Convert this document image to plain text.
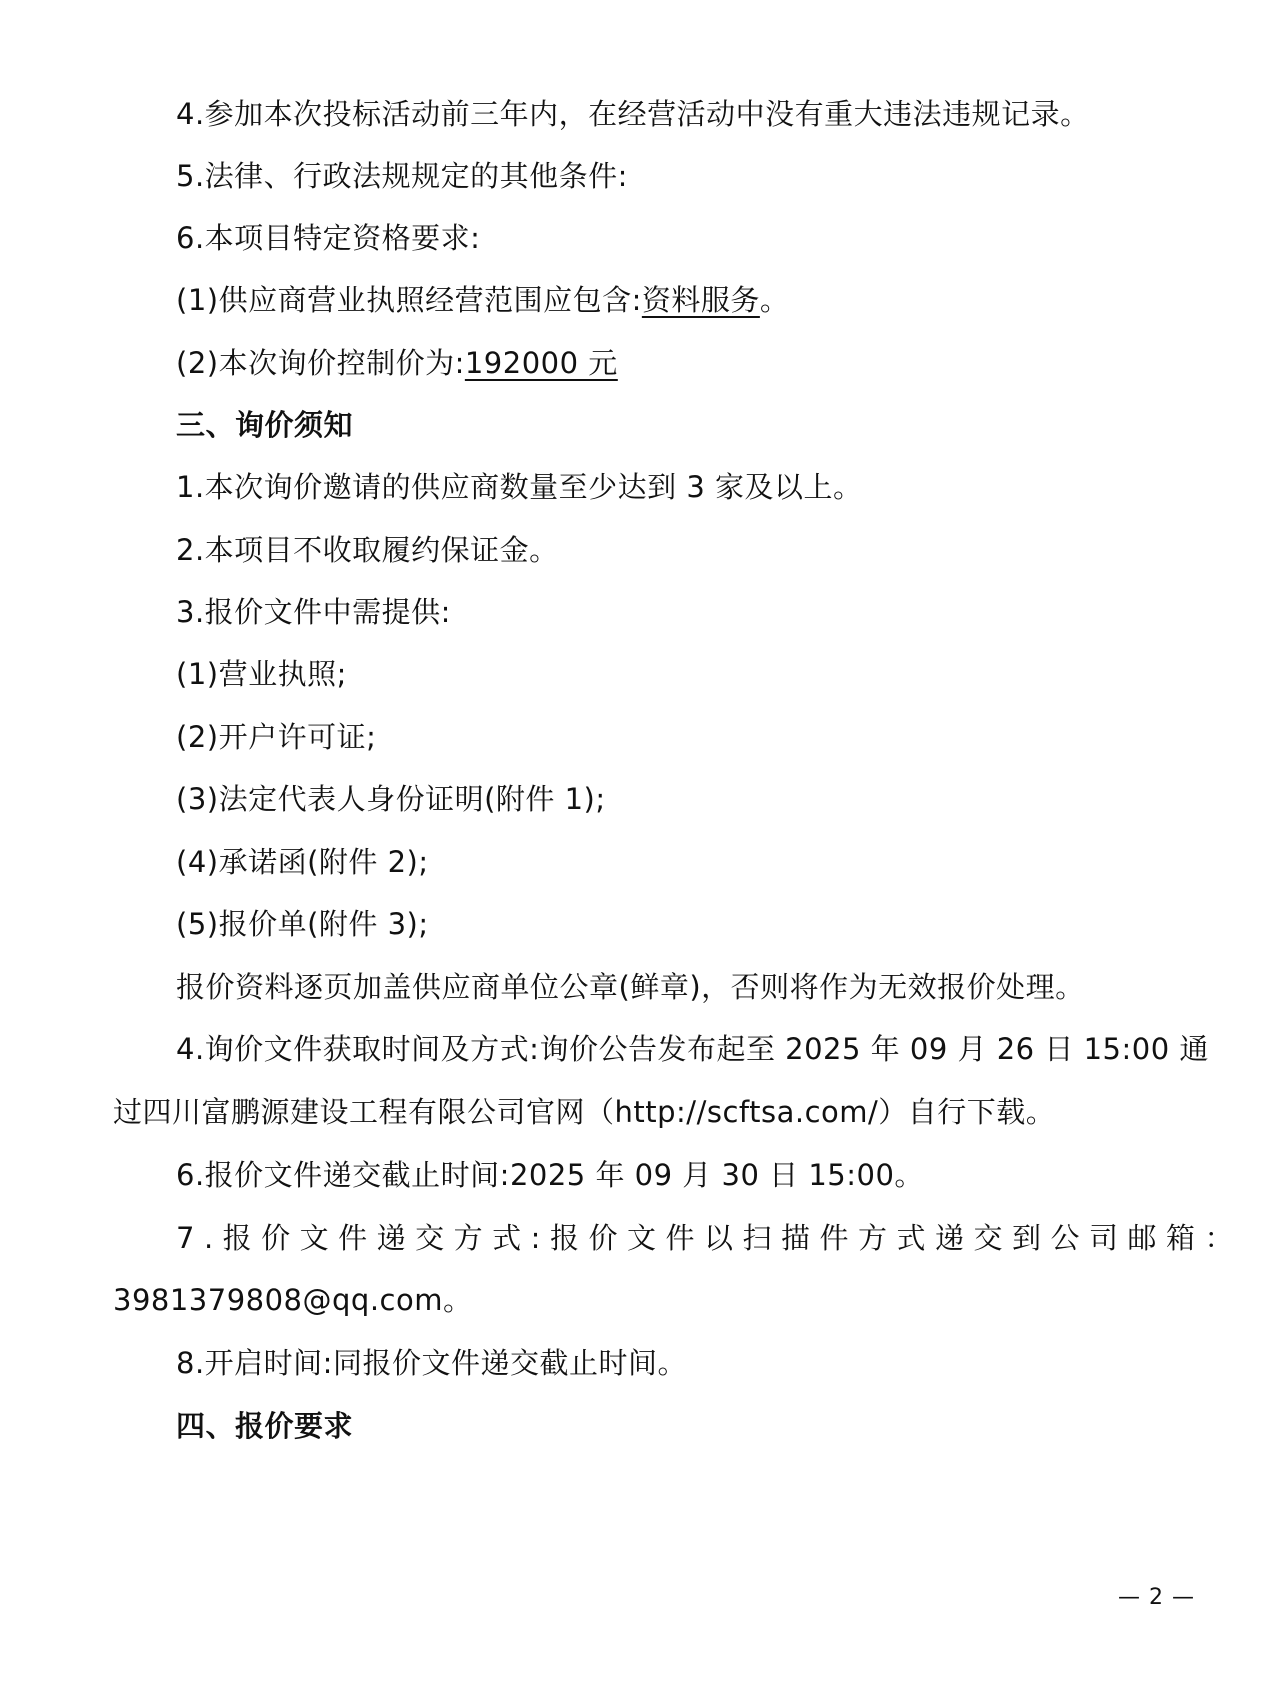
4.参加本次投标活动前三年内，在经营活动中没有重大违法违规记录。
5.法律、行政法规规定的其他条件:
6.本项目特定资格要求:
(1)供应商营业执照经营范围应包含:资料服务。
(2)本次询价控制价为:192000 元
三、询价须知
1.本次询价邀请的供应商数量至少达到 3 家及以上。
2.本项目不收取履约保证金。
3.报价文件中需提供:
(1)营业执照;
(2)开户许可证;
(3)法定代表人身份证明(附件 1);
(4)承诺函(附件 2);
(5)报价单(附件 3);
报价资料逐页加盖供应商单位公章(鲜章)，否则将作为无效报价处理。
4.询价文件获取时间及方式:询价公告发布起至 2025 年 09 月 26 日 15:00 通
过四川富鹏源建设工程有限公司官网（http://scftsa.com/）自行下载。
6.报价文件递交截止时间:2025 年 09 月 30 日 15:00。
7.报价文件递交方式:报价文件以扫描件方式递交到公司邮箱：
3981379808@qq.com。
8.开启时间:同报价文件递交截止时间。
四、报价要求
— 2 —
